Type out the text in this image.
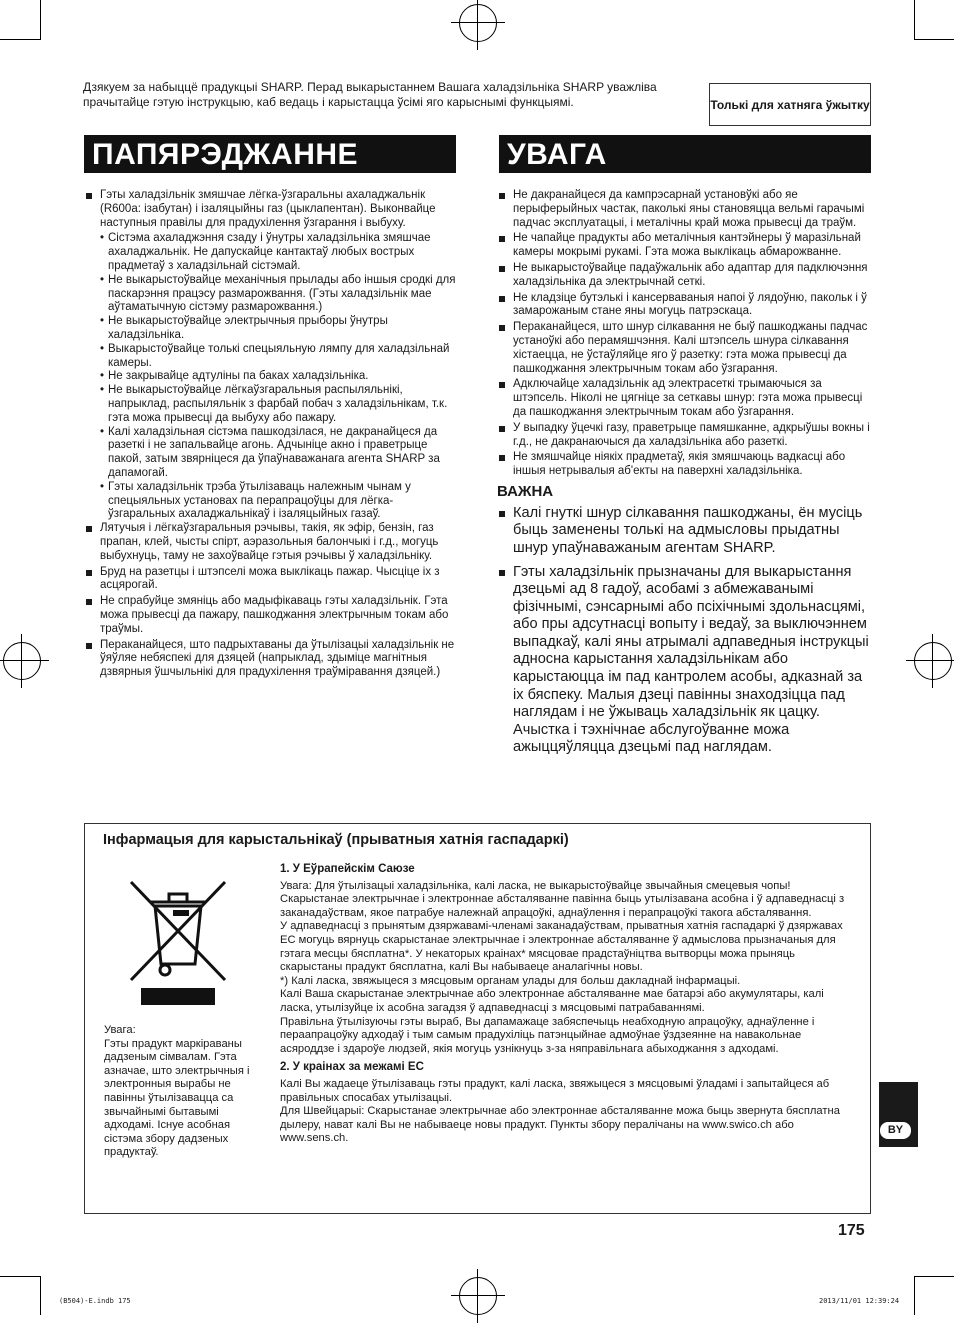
Дзякуем за набыццё прадукцыі SHARP. Перад выкарыстаннем Вашага халадзільніка SHARP уважліва прачытайце гэтую інструкцыю, каб ведаць і карыстацца ўсімі яго карыснымі функцыямі.	Толькі для хатняга ўжытку
ПАПЯРЭДЖАННЕ
Гэты халадзільнік змяшчае лёгка-ўзгаральны ахаладжальнік (R600a: ізабутан) і ізаляцыйны газ (цыклапентан). Выконвайце наступныя правілы для прадухілення ўзгарання і выбуху.
• Сістэма ахаладжэння сзаду і ўнутры халадзільніка змяшчае ахаладжальнік. Не дапускайце кантактаў любых вострых прадметаў з халадзільнай сістэмай.
• Не выкарыстоўвайце механічныя прылады або іншыя сродкі для паскарэння працэсу размарожвання. (Гэты халадзільнік мае аўтаматычную сістэму размарожвання.)
• Не выкарыстоўвайце электрычныя прыборы ўнутры халадзільніка.
• Выкарыстоўвайце толькі спецыяльную лямпу для халадзільнай камеры.
• Не закрывайце адтуліны па баках халадзільніка.
• Не выкарыстоўвайце лёгкаўзгаральныя распыляльнікі, напрыклад, распыляльнік з фарбай побач з халадзільнікам, т.к. гэта можа прывесці да выбуху або пажару.
• Калі халадзільная сістэма пашкодзілася, не дакранайцеся да разеткі і не запальвайце агонь. Адчыніце акно і праветрыце пакой, затым звярніцеся да ўпаўнаважанага агента SHARP за дапамогай.
• Гэты халадзільнік трэба ўтылізаваць належным чынам у спецыяльных установах па перапрацоўцы для лёгка-ўзгаральных ахаладжальнікаў і ізаляцыйных газаў.
Лятучыя і лёгкаўзгаральныя рэчывы, такія, як эфір, бензін, газ прапан, клей, чысты спірт, аэразольныя балончыкі і г.д., могуць выбухнуць, таму не захоўвайце гэтыя рэчывы ў халадзільніку.
Бруд на разетцы і штэпселі можа выклікаць пажар. Чысціце іх з асцярогай.
Не спрабуйце змяніць або мадыфікаваць гэты халадзільнік. Гэта можа прывесці да пажару, пашкоджання электрычным токам або траўмы.
Пераканайцеся, што падрыхтаваны да ўтылізацыі халадзільнік не ўяўляе небяспекі для дзяцей (напрыклад, здыміце магнітныя дзвярныя ўшчыльнікі для прадухілення траўміравання дзяцей.)
УВАГА
Не дакранайцеся да кампрэсарнай установўкі або яе перыферыйных частак, паколькі яны становяцца вельмі гарачымі падчас эксплуатацыі, і металічны край можа прывесці да траўм.
Не чапайце прадукты або металічныя кантэйнеры ў маразільнай камеры мокрымі рукамі. Гэта можа выклікаць абмарожванне.
Не выкарыстоўвайце падаўжальнік або адаптар для падключэння халадзільніка да электрычнай сеткі.
Не кладзіце бутэлькі і кансерваваныя напоі ў лядоўню, пакольк і ў замарожаным стане яны могуць патрэскаца.
Пераканайцеся, што шнур сілкавання не быў пашкоджаны падчас устаноўкі або перамяшчэння. Калі штэпсель шнура сілкавання хістаецца, не ўстаўляйце яго ў разетку: гэта можа прывесці да пашкоджання электрычным токам або ўзгарання.
Адключайце халадзільнік ад электрасеткі трымаючыся за штэпсель. Ніколі не цягніце за сеткавы шнур: гэта можа прывесці да пашкоджання электрычным токам або ўзгарання.
У выпадку ўцечкі газу, праветрыце памяшканне, адкрыўшы вокны і г.д., не дакранаючыся да халадзільніка або разеткі.
Не змяшчайце ніякіх прадметаў, якія змяшчаюць вадкасці або іншыя нетрывалыя аб'екты на паверхні халадзільніка.
ВАЖНА
Калі гнуткі шнур сілкавання пашкоджаны, ён мусіць быць заменены толькі на адмысловы прыдатны шнур упаўнаважаным агентам SHARP.
Гэты халадзільнік прызначаны для выкарыстання дзецьмі ад 8 гадоў, асобамі з абмежаванымі фізічнымі, сэнсарнымі або псіхічнымі здольнасцямі, або пры адсутнасці вопыту і ведаў, за выключэннем выпадкаў, калі яны атрымалі адпаведныя інструкцыі адносна карыстання халадзільнікам або карыстаюцца ім пад кантролем асобы, адказнай за іх бяспеку. Малыя дзеці павінны знаходзіцца пад наглядам і не ўжываць халадзільнік як цацку. Ачыстка і тэхнічнае абслугоўванне можа ажыццяўляцца дзецьмі пад наглядам.
Інфармацыя для карыстальнікаў (прыватныя хатнія гаспадаркі)
Увага:
Гэты прадукт маркіраваны дадзеным сімвалам. Гэта азначае, што электрычныя і электронныя вырабы не павінны ўтылізавацца са звычайнымі бытавымі адходамі. Існуе асобная сістэма збору дадзеных прадуктаў.
1. У Еўрапейскім Саюзе

Увага: Для ўтылізацыі халадзільніка, калі ласка, не выкарыстоўвайце звычайныя смецевыя чопы!

Скарыстанае электрычнае і электроннае абсталяванне павінна быць утылізавана асобна і ў адпаведнасці з заканадаўствам, якое патрабуе належнай апрацоўкі, аднаўлення і перапрацоўкі такога абсталявання.

У адпаведнасці з прынятым дзяржавамі-членамі заканадаўствам, прыватныя хатнія гаспадаркі ў дзяржавах ЕС могуць вярнуць скарыстанае электрычнае і электроннае абсталяванне ў адмыслова прызначаныя для гэтага месцы бясплатна*. У некаторых краінах* мясцовае прадстаўніцтва вытворцы можа прыняць скарыстаны прадукт бясплатна, калі Вы набываеце аналагічны новы.

*) Калі ласка, звяжыцеся з мясцовым органам улады для больш дакладнай інфармацыі.

Калі Ваша скарыстанае электрычнае або электроннае абсталяванне мае батарэі або акумулятары, калі ласка, утылізуйце іх асобна загадзя ў адпаведнасці з мясцовымі патрабаваннямі.

Правільна ўтылізуючы гэты выраб, Вы дапамажаце забяспечыць неабходную апрацоўку, аднаўленне і пераапрацоўку адходаў і тым самым прадухіліць патэнцыйнае адмоўнае ўздзеянне на навакольнае асяроддзе і здароўе людзей, якія могуць узнікнуць з-за няправільнага абыходжання з адходамі.

2. У краінах за межамі ЕС

Калі Вы жадаеце ўтылізаваць гэты прадукт, калі ласка, звяжыцеся з мясцовымі ўладамі і запытайцеся аб правільных спосабах утылізацыі.

Для Швейцарыі: Скарыстанае электрычнае або электроннае абсталяванне можа быць звернута бясплатна дылеру, нават калі Вы не набываеце новы прадукт. Пункты збору пералічаны на www.swico.ch або www.sens.ch.

BY
175
(B504)-E.indb 175	2013/11/01 12:39:24
